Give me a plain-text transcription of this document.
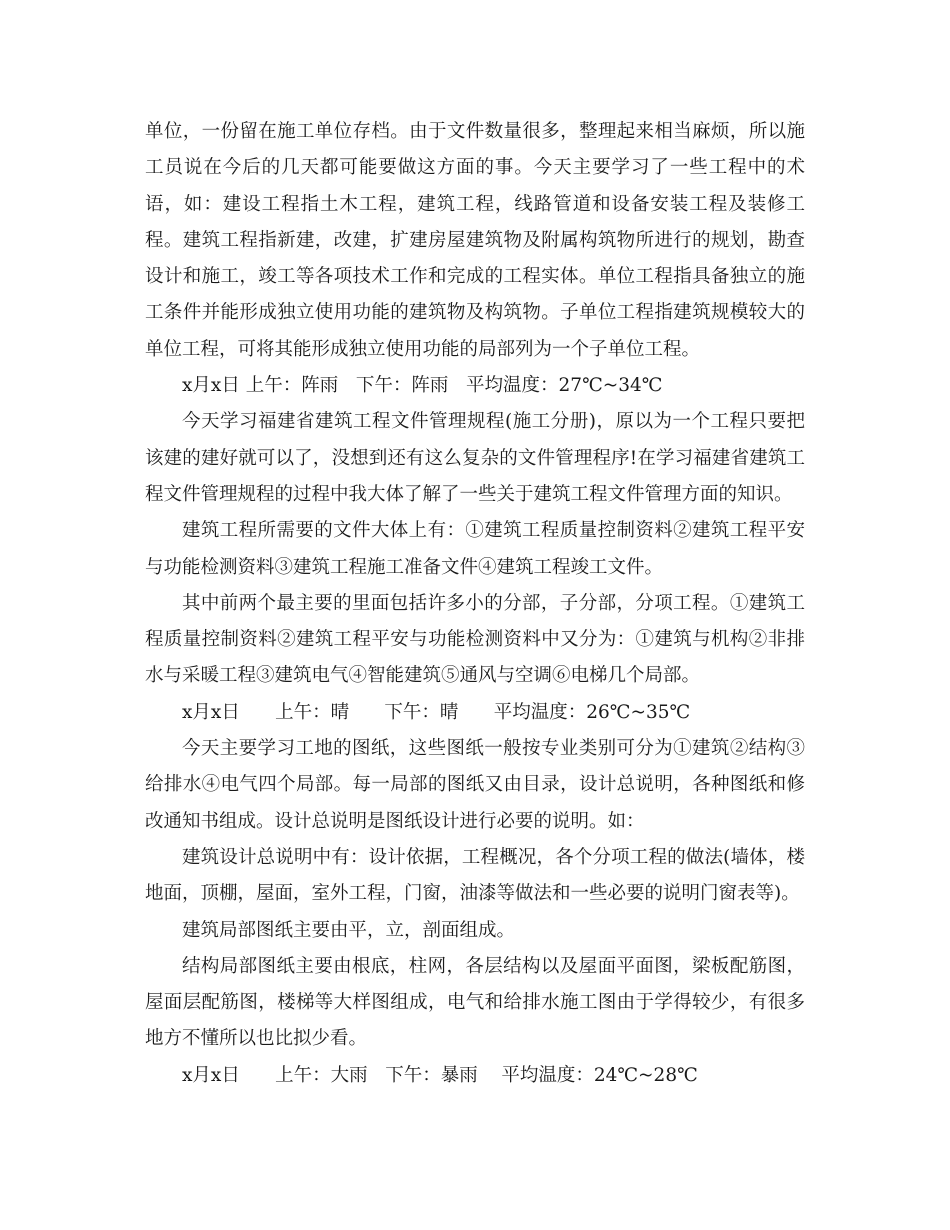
单位，一份留在施工单位存档。由于文件数量很多，整理起来相当麻烦，所以施工员说在今后的几天都可能要做这方面的事。今天主要学习了一些工程中的术语，如：建设工程指土木工程，建筑工程，线路管道和设备安装工程及装修工程。建筑工程指新建，改建，扩建房屋建筑物及附属构筑物所进行的规划，勘查设计和施工，竣工等各项技术工作和完成的工程实体。单位工程指具备独立的施工条件并能形成独立使用功能的建筑物及构筑物。子单位工程指建筑规模较大的单位工程，可将其能形成独立使用功能的局部列为一个子单位工程。

x月x日 上午：阵雨   下午：阵雨   平均温度：27℃~34℃

今天学习福建省建筑工程文件管理规程(施工分册)，原以为一个工程只要把该建的建好就可以了，没想到还有这么复杂的文件管理程序!在学习福建省建筑工程文件管理规程的过程中我大体了解了一些关于建筑工程文件管理方面的知识。

建筑工程所需要的文件大体上有：①建筑工程质量控制资料②建筑工程平安与功能检测资料③建筑工程施工准备文件④建筑工程竣工文件。

其中前两个最主要的里面包括许多小的分部，子分部，分项工程。①建筑工程质量控制资料②建筑工程平安与功能检测资料中又分为：①建筑与机构②非排水与采暖工程③建筑电气④智能建筑⑤通风与空调⑥电梯几个局部。

x月x日      上午：晴      下午：晴      平均温度：26℃~35℃

今天主要学习工地的图纸，这些图纸一般按专业类别可分为①建筑②结构③给排水④电气四个局部。每一局部的图纸又由目录，设计总说明，各种图纸和修改通知书组成。设计总说明是图纸设计进行必要的说明。如：

建筑设计总说明中有：设计依据，工程概况，各个分项工程的做法(墙体，楼地面，顶棚，屋面，室外工程，门窗，油漆等做法和一些必要的说明门窗表等)。

建筑局部图纸主要由平，立，剖面组成。

结构局部图纸主要由根底，柱网，各层结构以及屋面平面图，梁板配筋图，屋面层配筋图，楼梯等大样图组成，电气和给排水施工图由于学得较少，有很多地方不懂所以也比拟少看。

x月x日      上午：大雨   下午：暴雨    平均温度：24℃~28℃
